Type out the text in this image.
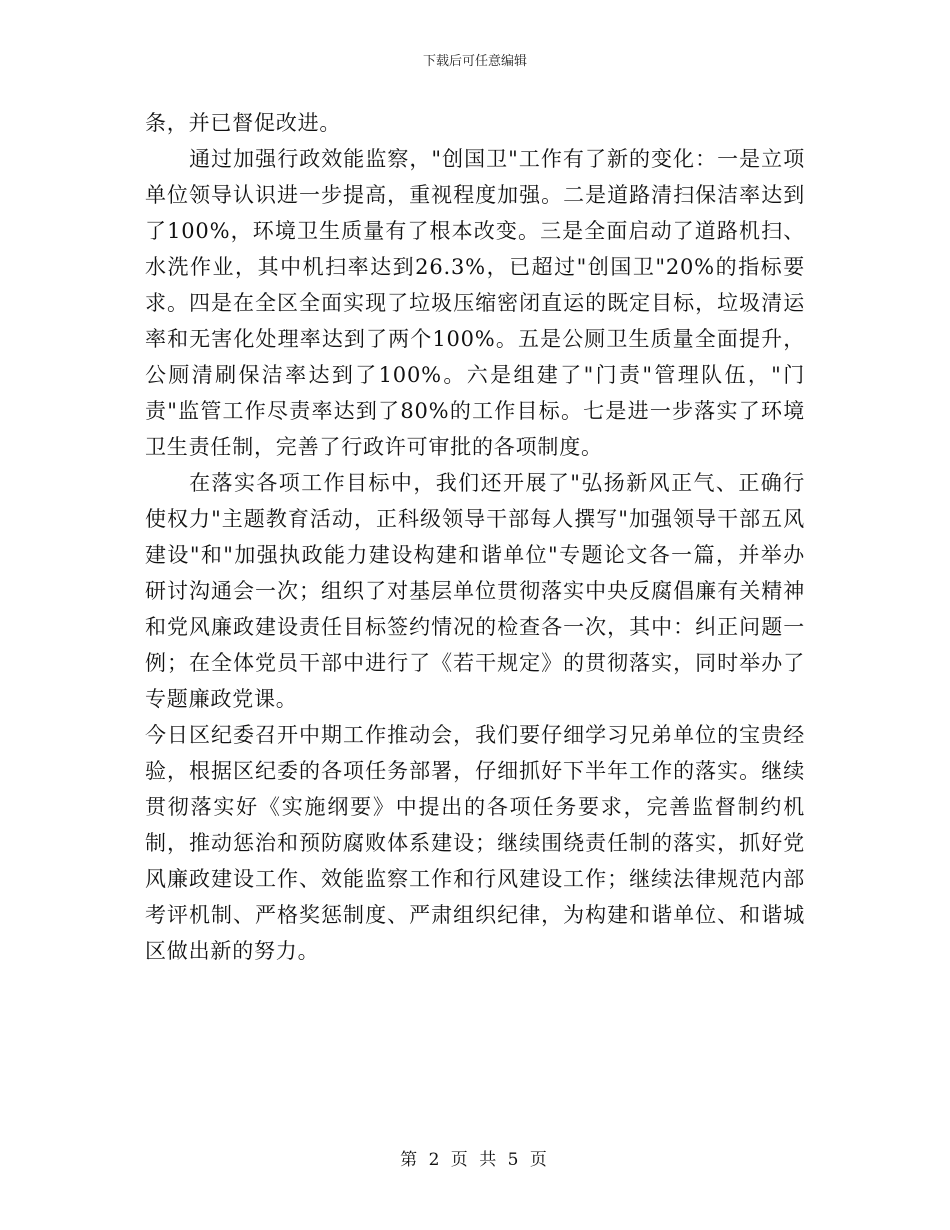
下载后可任意编辑

条，并已督促改进。

通过加强行政效能监察，"创国卫"工作有了新的变化：一是立项单位领导认识进一步提高，重视程度加强。二是道路清扫保洁率达到了100%，环境卫生质量有了根本改变。三是全面启动了道路机扫、水洗作业，其中机扫率达到26.3%，已超过"创国卫"20%的指标要求。四是在全区全面实现了垃圾压缩密闭直运的既定目标，垃圾清运率和无害化处理率达到了两个100%。五是公厕卫生质量全面提升，公厕清刷保洁率达到了100%。六是组建了"门责"管理队伍，"门责"监管工作尽责率达到了80%的工作目标。七是进一步落实了环境卫生责任制，完善了行政许可审批的各项制度。

在落实各项工作目标中，我们还开展了"弘扬新风正气、正确行使权力"主题教育活动，正科级领导干部每人撰写"加强领导干部五风建设"和"加强执政能力建设构建和谐单位"专题论文各一篇，并举办研讨沟通会一次；组织了对基层单位贯彻落实中央反腐倡廉有关精神和党风廉政建设责任目标签约情况的检查各一次，其中：纠正问题一例；在全体党员干部中进行了《若干规定》的贯彻落实，同时举办了专题廉政党课。

今日区纪委召开中期工作推动会，我们要仔细学习兄弟单位的宝贵经验，根据区纪委的各项任务部署，仔细抓好下半年工作的落实。继续贯彻落实好《实施纲要》中提出的各项任务要求，完善监督制约机制，推动惩治和预防腐败体系建设；继续围绕责任制的落实，抓好党风廉政建设工作、效能监察工作和行风建设工作；继续法律规范内部考评机制、严格奖惩制度、严肃组织纪律，为构建和谐单位、和谐城区做出新的努力。

第 2 页 共 5 页
